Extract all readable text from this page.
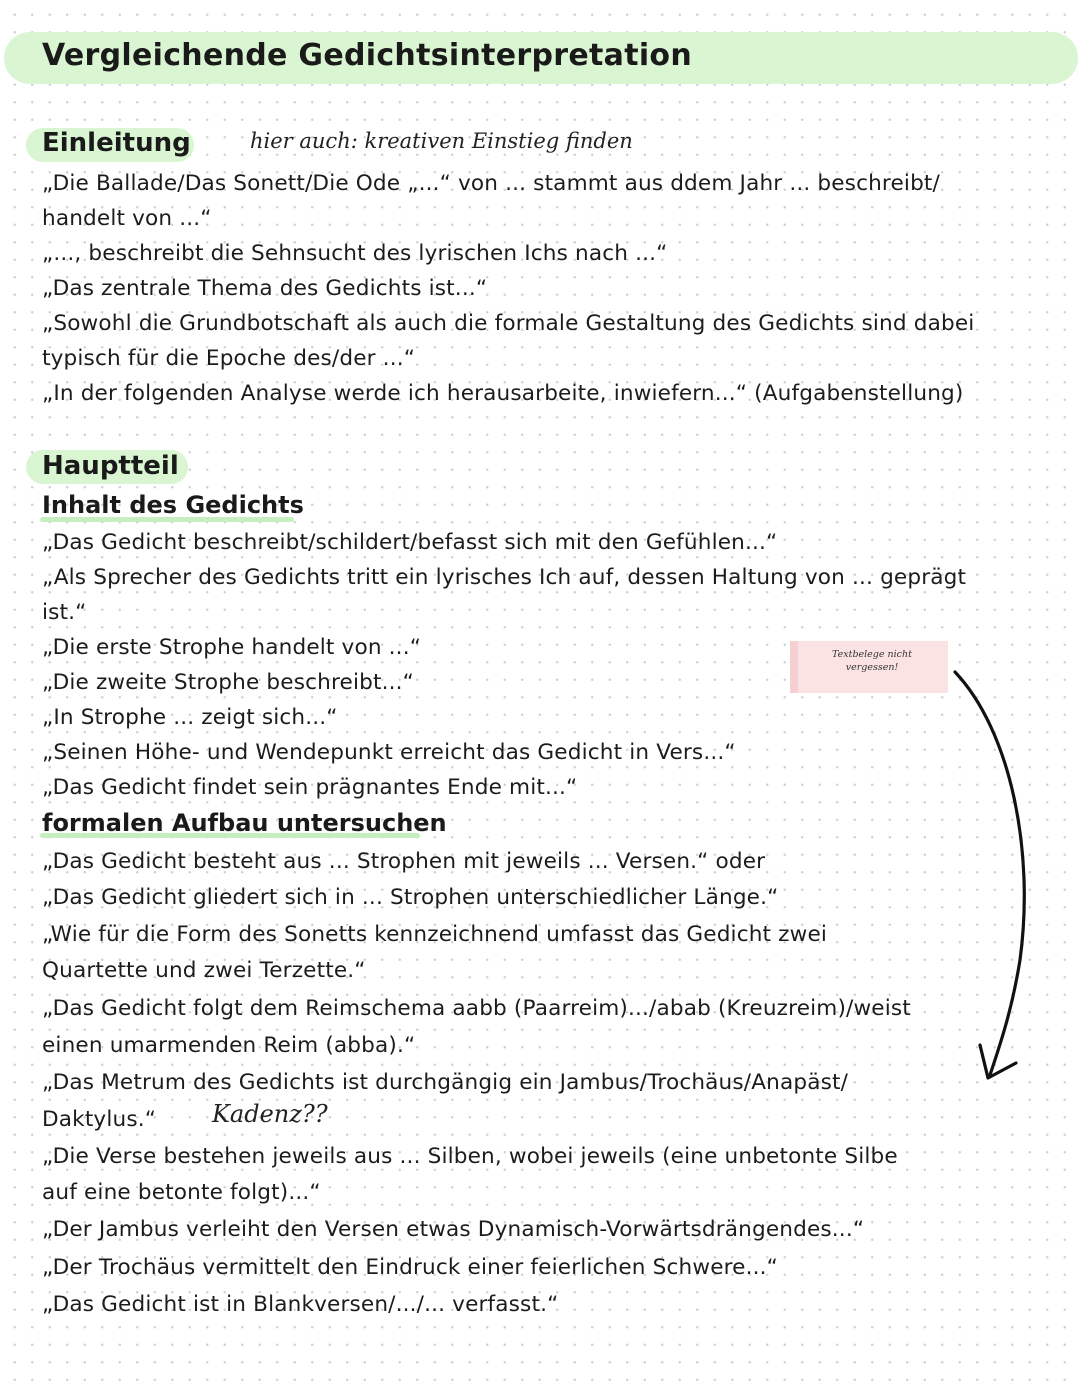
Vergleichende Gedichtsinterpretation
Einleitung	hier auch: kreativen Einstieg finden
„Die Ballade/Das Sonett/Die Ode „...“ von ... stammt aus ddem Jahr ... beschreibt/
handelt von ...“
„..., beschreibt die Sehnsucht des lyrischen Ichs nach ...“
„Das zentrale Thema des Gedichts ist...“
„Sowohl die Grundbotschaft als auch die formale Gestaltung des Gedichts sind dabei
typisch für die Epoche des/der ...“
„In der folgenden Analyse werde ich herausarbeite, inwiefern...“ (Aufgabenstellung)
Hauptteil
Inhalt des Gedichts
„Das Gedicht beschreibt/schildert/befasst sich mit den Gefühlen...“
„Als Sprecher des Gedichts tritt ein lyrisches Ich auf, dessen Haltung von ... geprägt
ist.“
„Die erste Strophe handelt von ...“
„Die zweite Strophe beschreibt...“
„In Strophe ... zeigt sich...“
„Seinen Höhe- und Wendepunkt erreicht das Gedicht in Vers...“
„Das Gedicht findet sein prägnantes Ende mit...“
formalen Aufbau untersuchen
„Das Gedicht besteht aus ... Strophen mit jeweils ... Versen.“ oder
„Das Gedicht gliedert sich in ... Strophen unterschiedlicher Länge.“
„Wie für die Form des Sonetts kennzeichnend umfasst das Gedicht zwei
Quartette und zwei Terzette.“
„Das Gedicht folgt dem Reimschema aabb (Paarreim).../abab (Kreuzreim)/weist
einen umarmenden Reim (abba).“
„Das Metrum des Gedichts ist durchgängig ein Jambus/Trochäus/Anapäst/
Daktylus.“ Kadenz??
„Die Verse bestehen jeweils aus ... Silben, wobei jeweils (eine unbetonte Silbe
auf eine betonte folgt)...“
„Der Jambus verleiht den Versen etwas Dynamisch-Vorwärtsdrängendes...“
„Der Trochäus vermittelt den Eindruck einer feierlichen Schwere...“
„Das Gedicht ist in Blankversen/.../... verfasst.“
Textbelege nicht vergessen!
